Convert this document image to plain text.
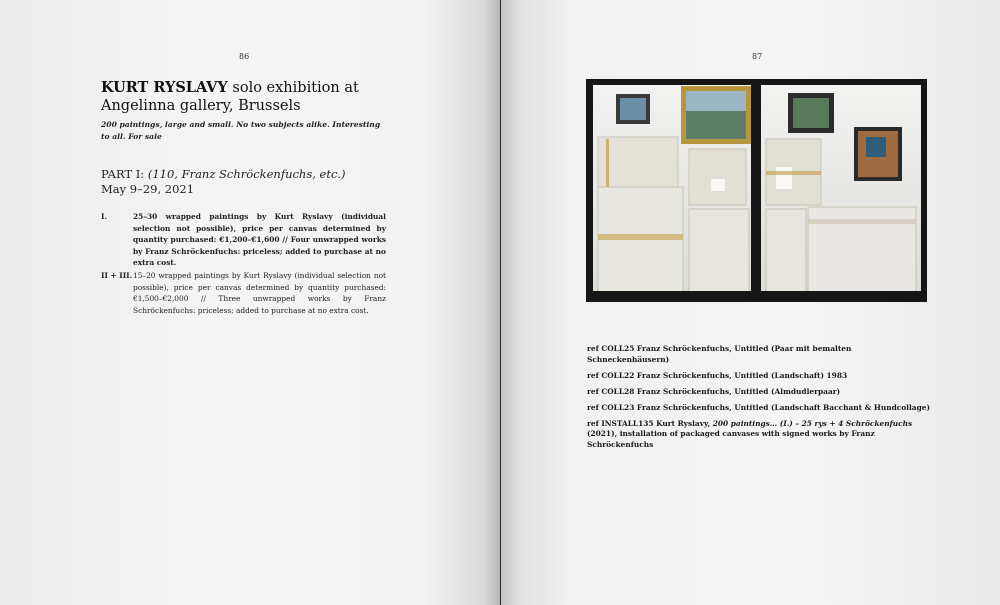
86
KURT RYSLAVY solo exhibition at
Angelinna gallery, Brussels
200 paintings, large and small. No two subjects alike. Interesting to all. For sale
PART I: (110, Franz Schröckenfuchs, etc.)
May 9–29, 2021
I.	25–30 wrapped paintings by Kurt Ryslavy (individual selection not possible), price per canvas determined by quantity purchased: €1,200–€1,600 // Four unwrapped works by Franz Schröckenfuchs: priceless; added to purchase at no extra cost.
II + III. 15–20 wrapped paintings by Kurt Ryslavy (individual selection not possible), price per canvas determined by quantity purchased: €1,500–€2,000 // Three unwrapped works by Franz Schröckenfuchs: priceless; added to purchase at no extra cost.
87

ref COLL25 Franz Schröckenfuchs, Untitled (Paar mit bemalten Schneckenhäusern)

ref COLL22 Franz Schröckenfuchs, Untitled (Landschaft) 1983

ref COLL28 Franz Schröckenfuchs, Untitled (Almdudlerpaar)

ref COLL23 Franz Schröckenfuchs, Untitled (Landschaft Bacchant & Hundcollage)

ref INSTALL135 Kurt Ryslavy, 200 paintings… (I.) – 25 rys + 4 Schröckenfuchs (2021), installation of packaged canvases with signed works by Franz Schröckenfuchs
